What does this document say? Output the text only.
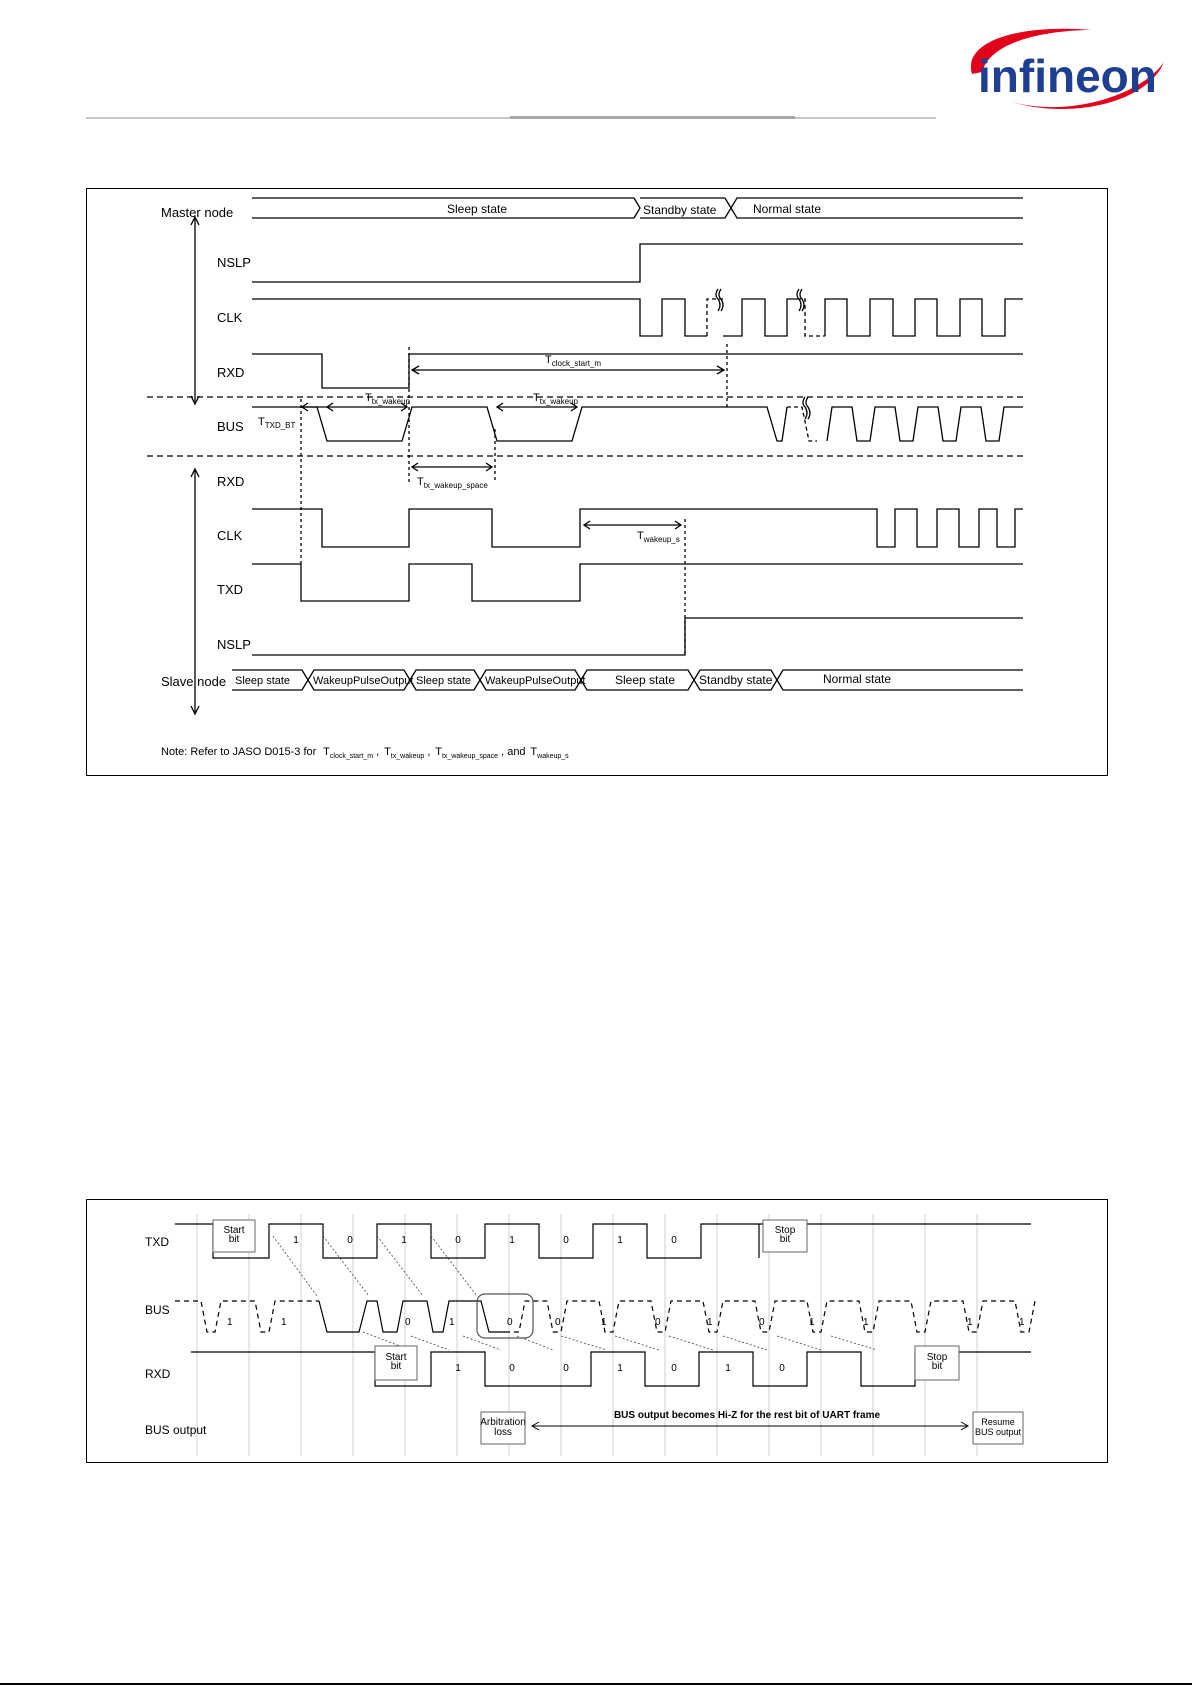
infineon
Master node
NSLP
CLK
RXD
BUS
RXD
CLK
TXD
NSLP
Slave node
Sleep state	Standby state	Normal state
Sleep state WakeupPulseOutput Sleep state WakeupPulseOutput Sleep state Standby state	Normal state
$T_{clock\_start\_m}$
$T_{TXD\_BT}$
$T_{tx\_wakeup}$	$T_{tx\_wakeup}$
$T_{tx\_wakeup\_space}$
$T_{wakeup\_s}$
Note: Refer to JASO D015-3 for $T_{clock\_start\_m}$ , $T_{tx\_wakeup}$ , $T_{tx\_wakeup\_space}$ , and $T_{wakeup\_s}$
TXD
BUS
RXD
BUS output
Start bit	1	0	1	0	1	0	1	0
Stop bit
Start bit	1	0	0	1	0	1	0
Stop bit
1	1	0	1	0	0	1	0	1	0	1	1	1	1
Arbitration loss
BUS output becomes Hi-Z for the rest bit of UART frame
Resume BUS output
